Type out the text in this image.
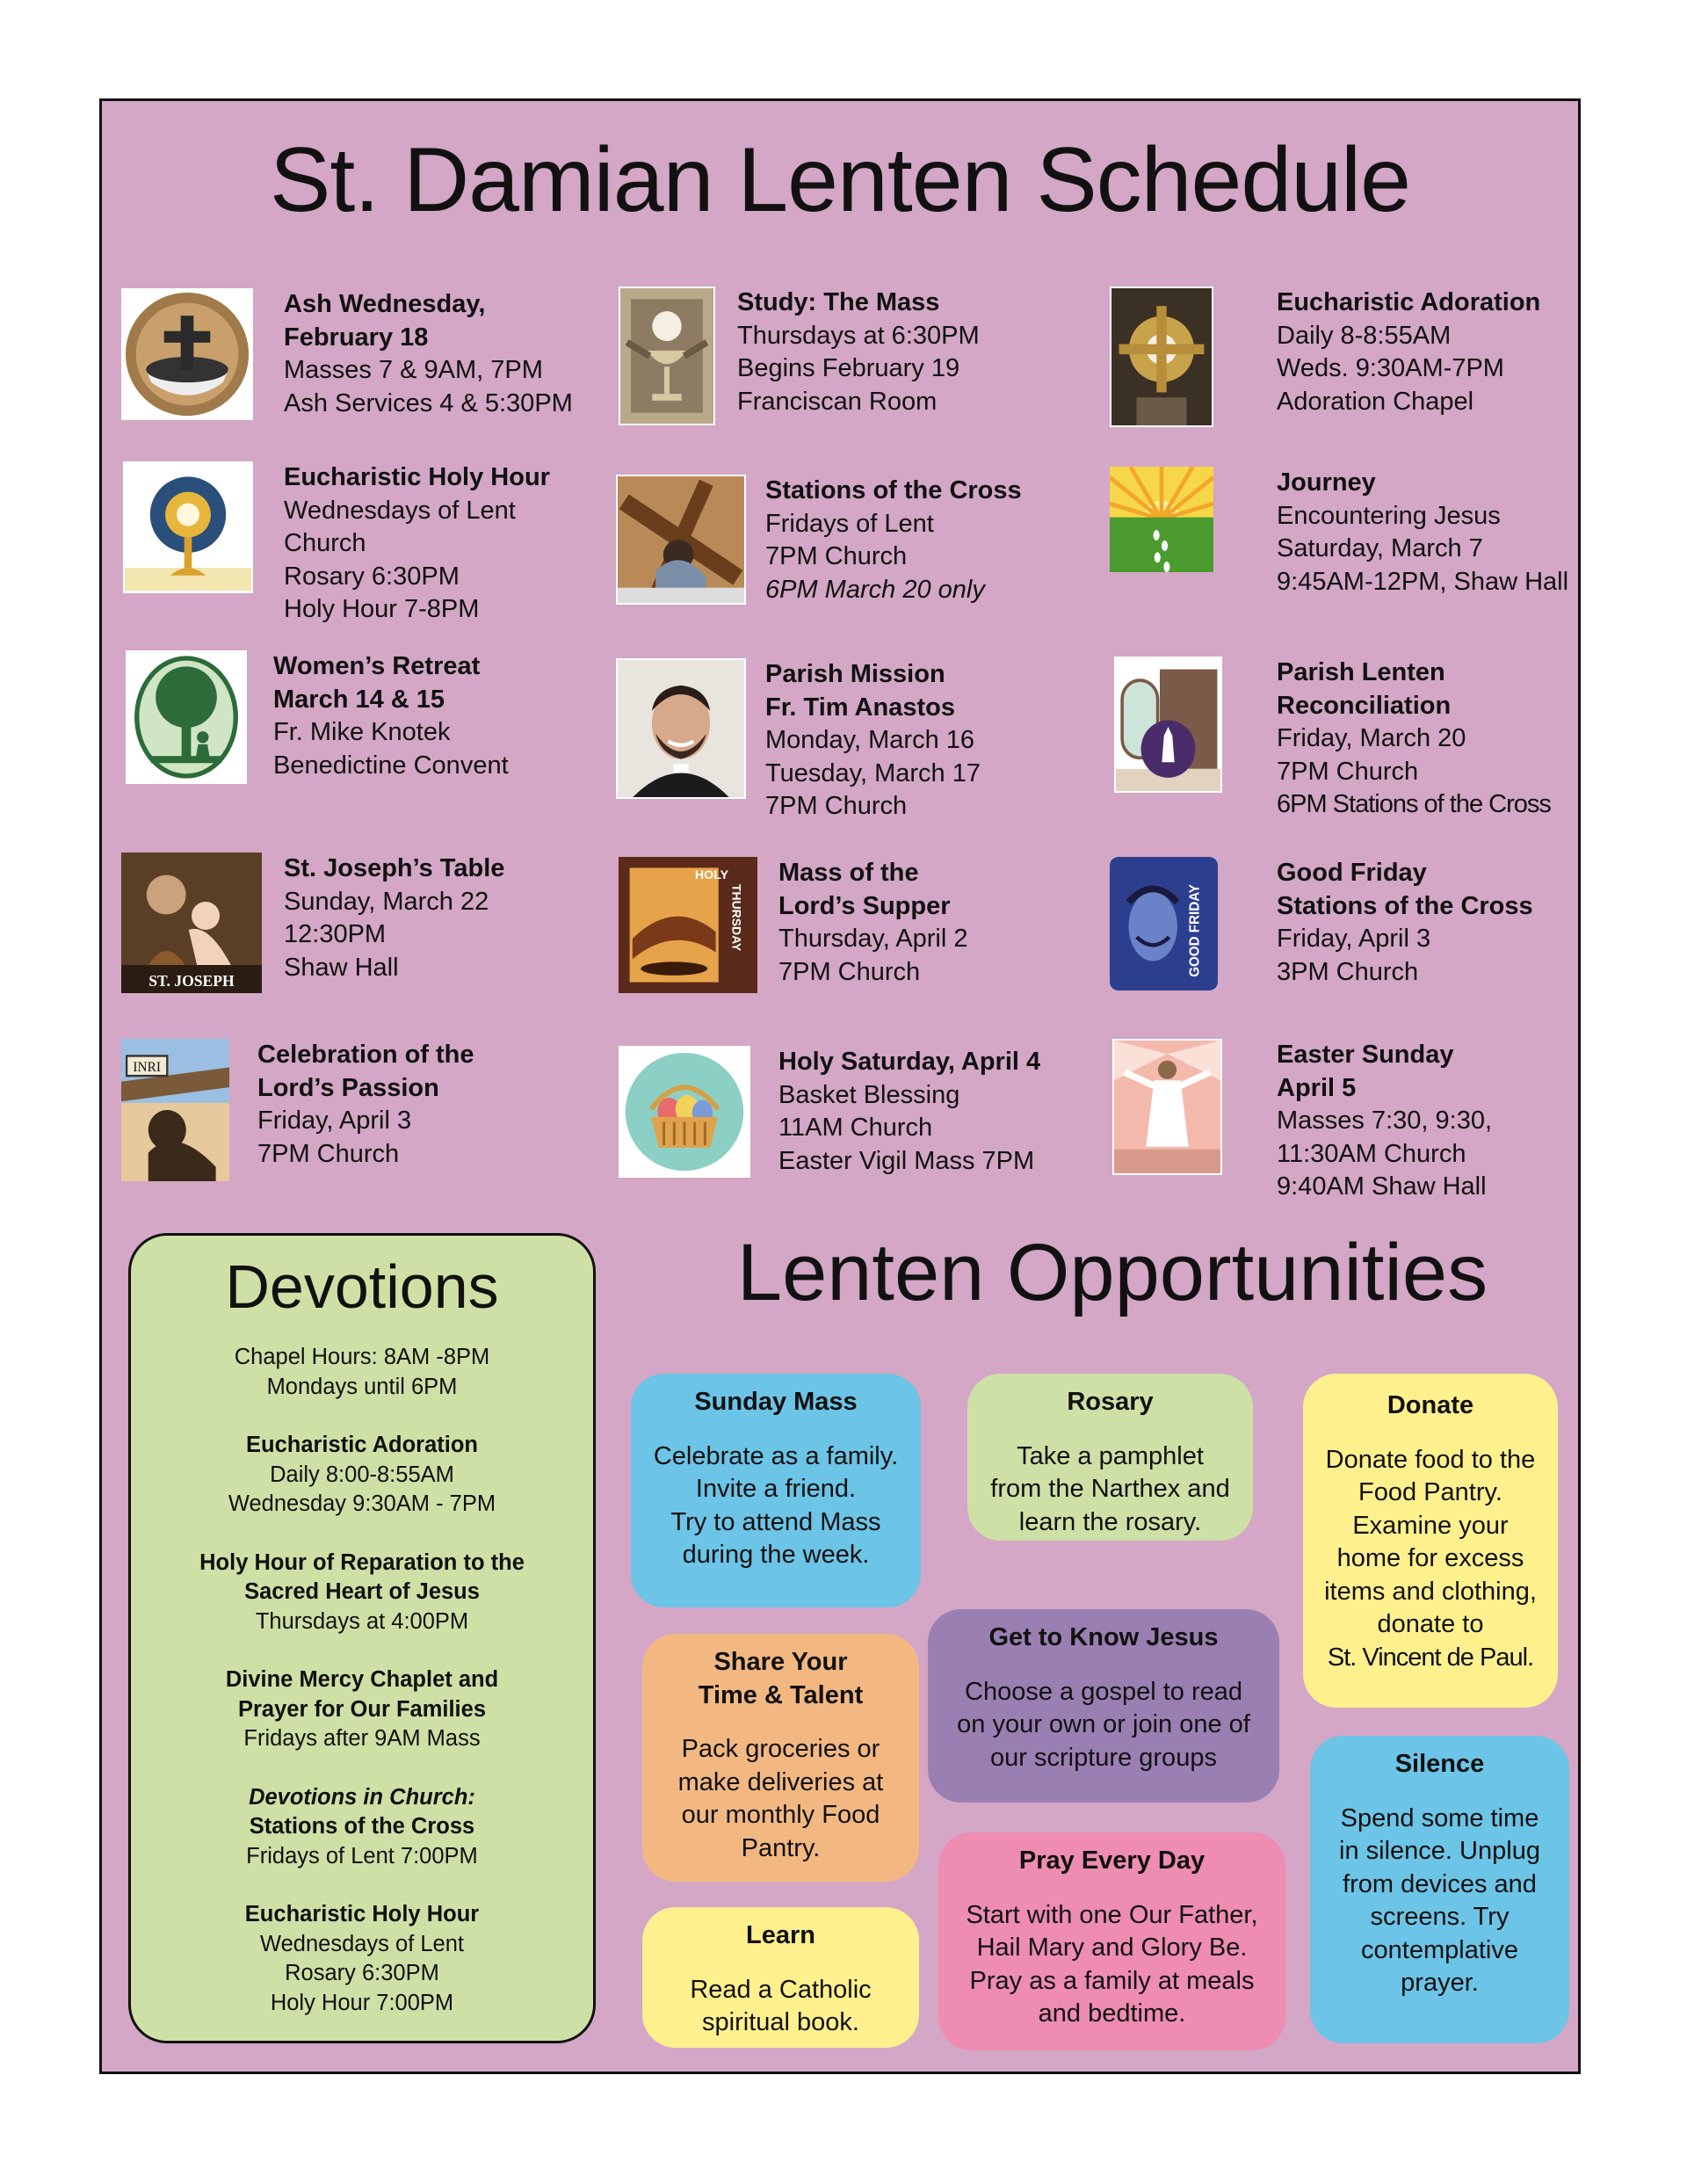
St. Damian Lenten Schedule
Ash Wednesday,
February 18
Masses 7 & 9AM, 7PM
Ash Services 4 & 5:30PM
Study: The Mass
Thursdays at 6:30PM
Begins February 19
Franciscan Room
Eucharistic Adoration
Daily 8-8:55AM
Weds. 9:30AM-7PM
Adoration Chapel
Eucharistic Holy Hour
Wednesdays of Lent
Church
Rosary 6:30PM
Holy Hour 7-8PM
Stations of the Cross
Fridays of Lent
7PM Church
6PM March 20 only
Journey
Encountering Jesus
Saturday, March 7
9:45AM-12PM, Shaw Hall
Women’s Retreat
March 14 & 15
Fr. Mike Knotek
Benedictine Convent
Parish Mission
Fr. Tim Anastos
Monday, March 16
Tuesday, March 17
7PM Church
Parish Lenten
Reconciliation
Friday, March 20
7PM Church
6PM Stations of the Cross
ST. JOSEPH
St. Joseph’s Table
Sunday, March 22
12:30PM
Shaw Hall
HOLY
THURSDAY
Mass of the
Lord’s Supper
Thursday, April 2
7PM Church	GOOD FRIDAY
Good Friday
Stations of the Cross
Friday, April 3
3PM Church
INRI	Celebration of the
Lord’s Passion
Friday, April 3
7PM Church
Holy Saturday, April 4
Basket Blessing
11AM Church
Easter Vigil Mass 7PM
Easter Sunday
April 5
Masses 7:30, 9:30,
11:30AM Church
9:40AM Shaw Hall
Devotions
Chapel Hours: 8AM -8PM
Mondays until 6PM
Eucharistic Adoration
Daily 8:00-8:55AM
Wednesday 9:30AM - 7PM
Holy Hour of Reparation to the
Sacred Heart of Jesus
Thursdays at 4:00PM
Divine Mercy Chaplet and
Prayer for Our Families
Fridays after 9AM Mass
Devotions in Church:
Stations of the Cross
Fridays of Lent 7:00PM
Eucharistic Holy Hour
Wednesdays of Lent
Rosary 6:30PM
Holy Hour 7:00PM
Lenten Opportunities
Sunday Mass
Celebrate as a family.
Invite a friend.
Try to attend Mass
during the week.
Rosary
Take a pamphlet
from the Narthex and
learn the rosary.
Donate
Donate food to the
Food Pantry.
Examine your
home for excess
items and clothing,
donate to
St. Vincent de Paul.
Share Your
Time & Talent
Pack groceries or
make deliveries at
our monthly Food
Pantry.
Get to Know Jesus
Choose a gospel to read
on your own or join one of
our scripture groups	Silence
Spend some time
in silence. Unplug
from devices and
screens. Try
contemplative
prayer.
Pray Every Day
Start with one Our Father,
Hail Mary and Glory Be.
Pray as a family at meals
and bedtime.
Learn
Read a Catholic
spiritual book.
